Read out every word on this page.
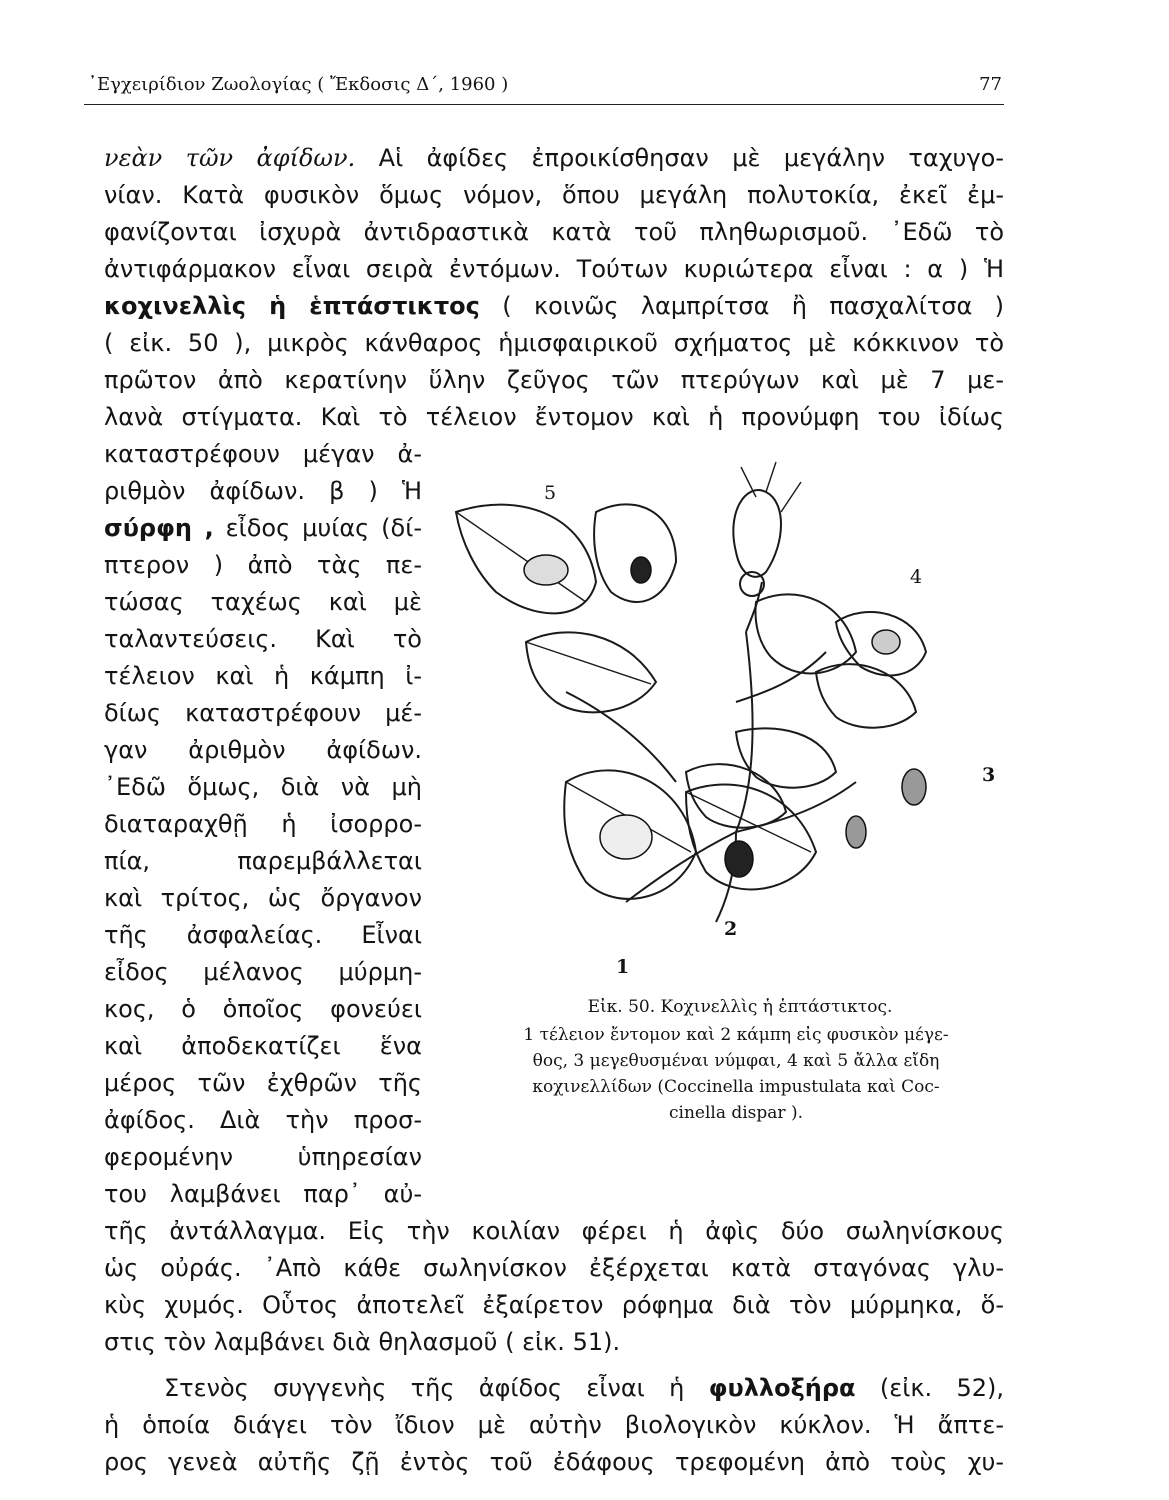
᾿Εγχειρίδιον Ζωολογίας ( Ἔκδοσις Δ΄, 1960 )	77
νεὰν τῶν ἀφίδων. Αἱ ἀφίδες ἐπροικίσθησαν μὲ μεγάλην ταχυγο-
νίαν. Κατὰ φυσικὸν ὅμως νόμον, ὅπου μεγάλη πολυτοκία, ἐκεῖ ἐμ-
φανίζονται ἰσχυρὰ ἀντιδραστικὰ κατὰ τοῦ πληθωρισμοῦ. ᾿Εδῶ τὸ
ἀντιφάρμακον εἶναι σειρὰ ἐντόμων. Τούτων κυριώτερα εἶναι : α ) Ἡ
κοχινελλὶς ἡ ἑπτάστικτος ( κοινῶς λαμπρίτσα ἢ πασχαλίτσα )
( εἰκ. 50 ), μικρὸς κάνθαρος ἡμισφαιρικοῦ σχήματος μὲ κόκκινον τὸ
πρῶτον ἀπὸ κερατίνην ὕλην ζεῦγος τῶν πτερύγων καὶ μὲ 7 με-
λανὰ στίγματα. Καὶ τὸ τέλειον ἔντομον καὶ ἡ προνύμφη του ἰδίως
καταστρέφουν μέγαν ἀ-
ριθμὸν ἀφίδων. β ) Ἡ
σύρφη , εἶδος μυίας (δί-
πτερον ) ἀπὸ τὰς πε-
τώσας ταχέως καὶ μὲ
ταλαντεύσεις. Καὶ τὸ
τέλειον καὶ ἡ κάμπη ἰ-
δίως καταστρέφουν μέ-
γαν ἀριθμὸν ἀφίδων.
᾿Εδῶ ὅμως, διὰ νὰ μὴ
διαταραχθῇ ἡ ἰσορρο-
πία, παρεμβάλλεται
καὶ τρίτος, ὡς ὄργανον
τῆς ἀσφαλείας. Εἶναι
εἶδος μέλανος μύρμη-
κος, ὁ ὁποῖος φονεύει
καὶ ἀποδεκατίζει ἕνα
μέρος τῶν ἐχθρῶν τῆς
ἀφίδος. Διὰ τὴν προσ-
φερομένην ὑπηρεσίαν
του λαμβάνει παρ᾿ αὐ-
τῆς ἀντάλλαγμα. Εἰς τὴν κοιλίαν φέρει ἡ ἀφὶς δύο σωληνίσκους
ὡς οὐράς. ᾿Απὸ κάθε σωληνίσκον ἐξέρχεται κατὰ σταγόνας γλυ-
κὺς χυμός. Οὗτος ἀποτελεῖ ἐξαίρετον ρόφημα διὰ τὸν μύρμηκα, ὅ-
στις τὸν λαμβάνει διὰ θηλασμοῦ ( εἰκ. 51).
Στενὸς συγγενὴς τῆς ἀφίδος εἶναι ἡ φυλλοξήρα (εἰκ. 52),
ἡ ὁποία διάγει τὸν ἴδιον μὲ αὐτὴν βιολογικὸν κύκλον. Ἡ ἄπτε-
ρος γενεὰ αὐτῆς ζῇ ἐντὸς τοῦ ἐδάφους τρεφομένη ἀπὸ τοὺς χυ-
5
4
3
2
1
Εἰκ. 50. Κοχινελλὶς ἡ ἑπτάστικτος.
1 τέλειον ἔντομον καὶ 2 κάμπη εἰς φυσικὸν μέγε-
θος, 3 μεγεθυσμέναι νύμφαι, 4 καὶ 5 ἄλλα εἴδη
κοχινελλίδων (Coccinella impustulata καὶ Coc-
cinella dispar ).
